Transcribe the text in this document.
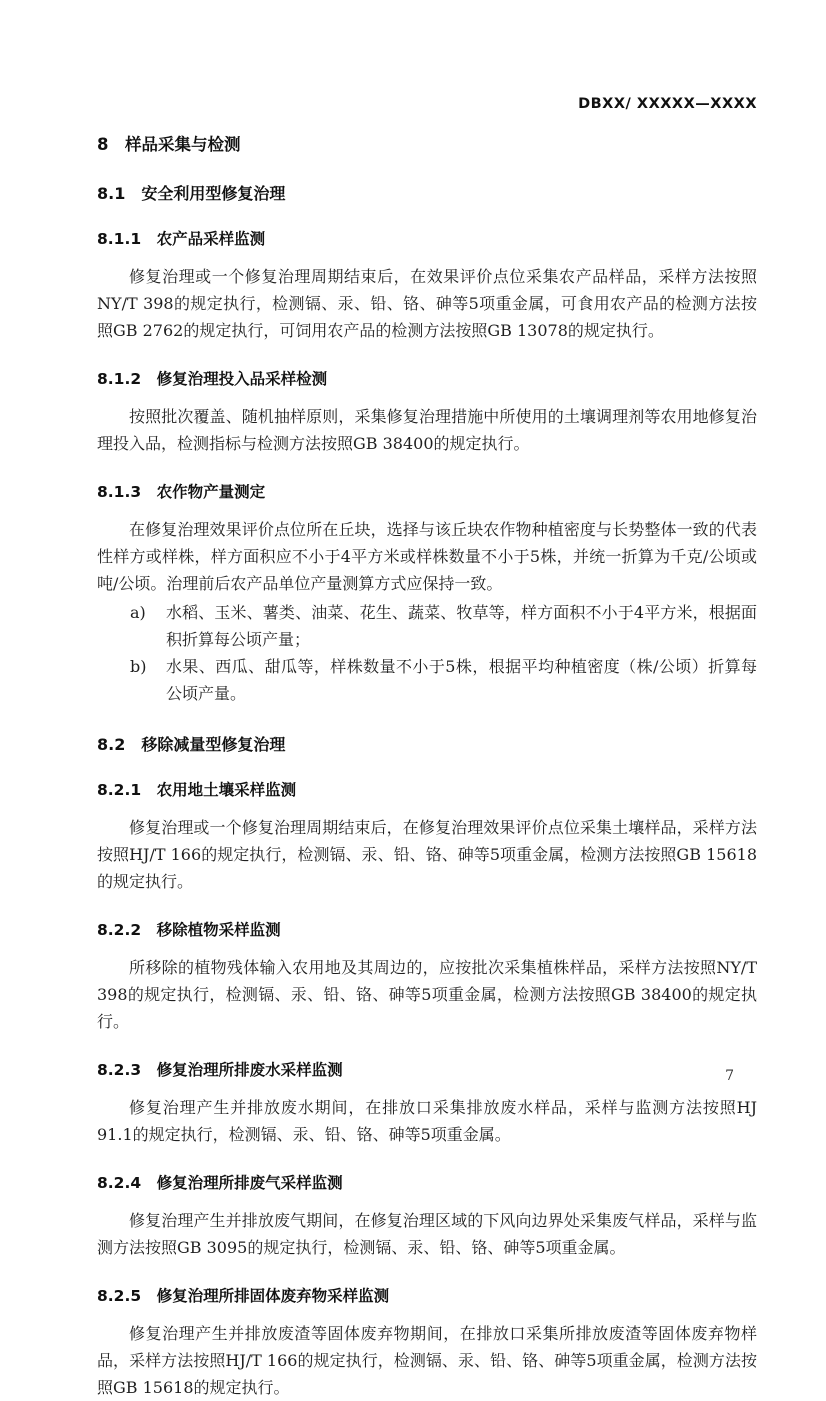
DBXX/ XXXXX—XXXX
8　样品采集与检测
8.1　安全利用型修复治理
8.1.1　农产品采样监测

修复治理或一个修复治理周期结束后，在效果评价点位采集农产品样品，采样方法按照NY/T 398的规定执行，检测镉、汞、铅、铬、砷等5项重金属，可食用农产品的检测方法按照GB 2762的规定执行，可饲用农产品的检测方法按照GB 13078的规定执行。

8.1.2　修复治理投入品采样检测

按照批次覆盖、随机抽样原则，采集修复治理措施中所使用的土壤调理剂等农用地修复治理投入品，检测指标与检测方法按照GB 38400的规定执行。

8.1.3　农作物产量测定

在修复治理效果评价点位所在丘块，选择与该丘块农作物种植密度与长势整体一致的代表性样方或样株，样方面积应不小于4平方米或样株数量不小于5株，并统一折算为千克/公顷或吨/公顷。治理前后农产品单位产量测算方式应保持一致。

a)	水稻、玉米、薯类、油菜、花生、蔬菜、牧草等，样方面积不小于4平方米，根据面积折算每公顷产量；
b)	水果、西瓜、甜瓜等，样株数量不小于5株，根据平均种植密度（株/公顷）折算每公顷产量。
8.2　移除减量型修复治理
8.2.1　农用地土壤采样监测

修复治理或一个修复治理周期结束后，在修复治理效果评价点位采集土壤样品，采样方法按照HJ/T 166的规定执行，检测镉、汞、铅、铬、砷等5项重金属，检测方法按照GB 15618的规定执行。

8.2.2　移除植物采样监测

所移除的植物残体输入农用地及其周边的，应按批次采集植株样品，采样方法按照NY/T 398的规定执行，检测镉、汞、铅、铬、砷等5项重金属，检测方法按照GB 38400的规定执行。

8.2.3　修复治理所排废水采样监测

修复治理产生并排放废水期间，在排放口采集排放废水样品，采样与监测方法按照HJ 91.1的规定执行，检测镉、汞、铅、铬、砷等5项重金属。

8.2.4　修复治理所排废气采样监测

修复治理产生并排放废气期间，在修复治理区域的下风向边界处采集废气样品，采样与监测方法按照GB 3095的规定执行，检测镉、汞、铅、铬、砷等5项重金属。

8.2.5　修复治理所排固体废弃物采样监测

修复治理产生并排放废渣等固体废弃物期间，在排放口采集所排放废渣等固体废弃物样品，采样方法按照HJ/T 166的规定执行，检测镉、汞、铅、铬、砷等5项重金属，检测方法按照GB 15618的规定执行。

7
